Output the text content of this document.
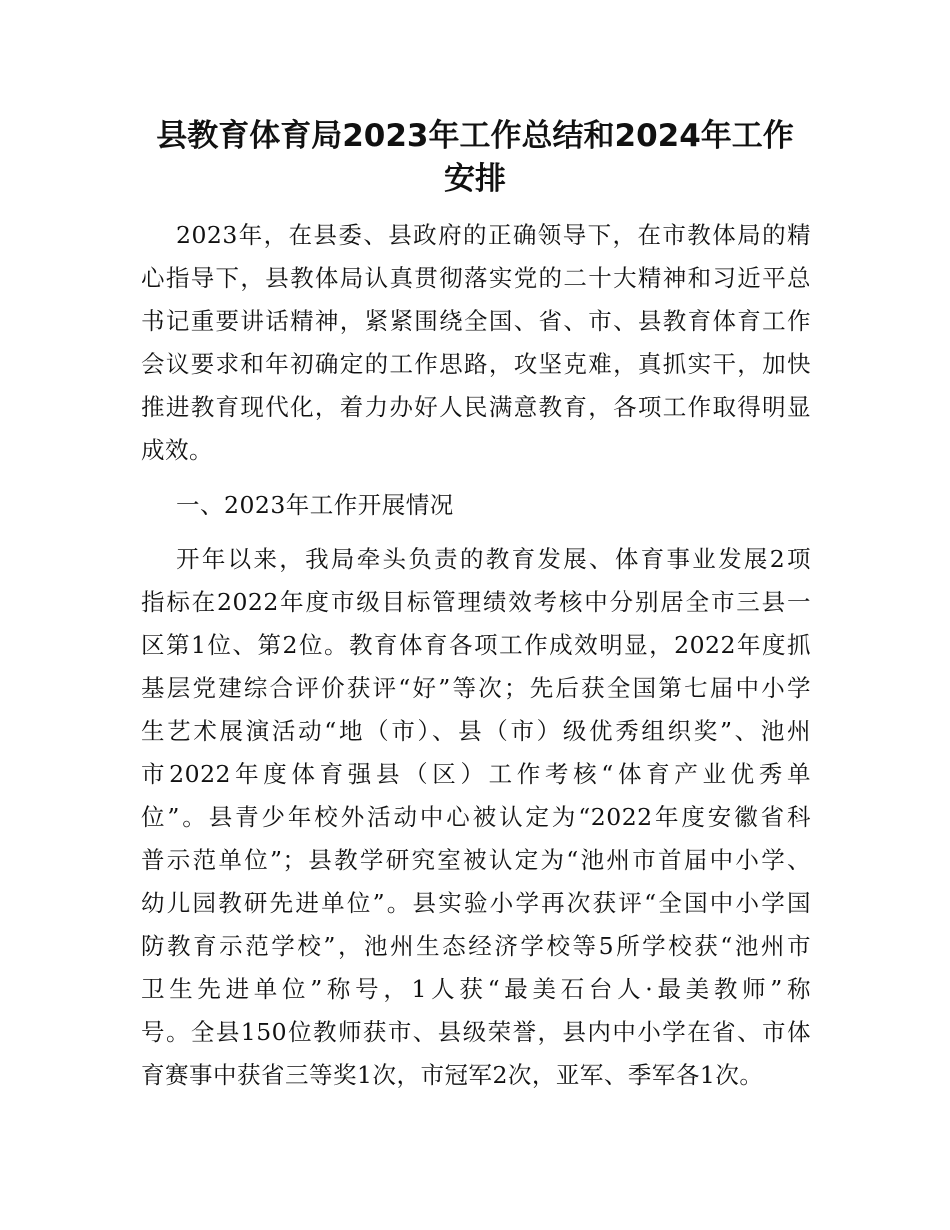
县教育体育局2023年工作总结和2024年工作
安排
2023年，在县委、县政府的正确领导下，在市教体局的精
心指导下，县教体局认真贯彻落实党的二十大精神和习近平总
书记重要讲话精神，紧紧围绕全国、省、市、县教育体育工作
会议要求和年初确定的工作思路，攻坚克难，真抓实干，加快
推进教育现代化，着力办好人民满意教育，各项工作取得明显
成效。
一、2023年工作开展情况
开年以来，我局牵头负责的教育发展、体育事业发展2项
指标在2022年度市级目标管理绩效考核中分别居全市三县一
区第1位、第2位。教育体育各项工作成效明显，2022年度抓
基层党建综合评价获评“好”等次；先后获全国第七届中小学
生艺术展演活动“地（市）、县（市）级优秀组织奖”、池州
市2022年度体育强县（区）工作考核“体育产业优秀单
位”。县青少年校外活动中心被认定为“2022年度安徽省科
普示范单位”；县教学研究室被认定为“池州市首届中小学、
幼儿园教研先进单位”。县实验小学再次获评“全国中小学国
防教育示范学校”，池州生态经济学校等5所学校获“池州市
卫生先进单位”称号，1人获“最美石台人·最美教师”称
号。全县150位教师获市、县级荣誉，县内中小学在省、市体
育赛事中获省三等奖1次，市冠军2次，亚军、季军各1次。
